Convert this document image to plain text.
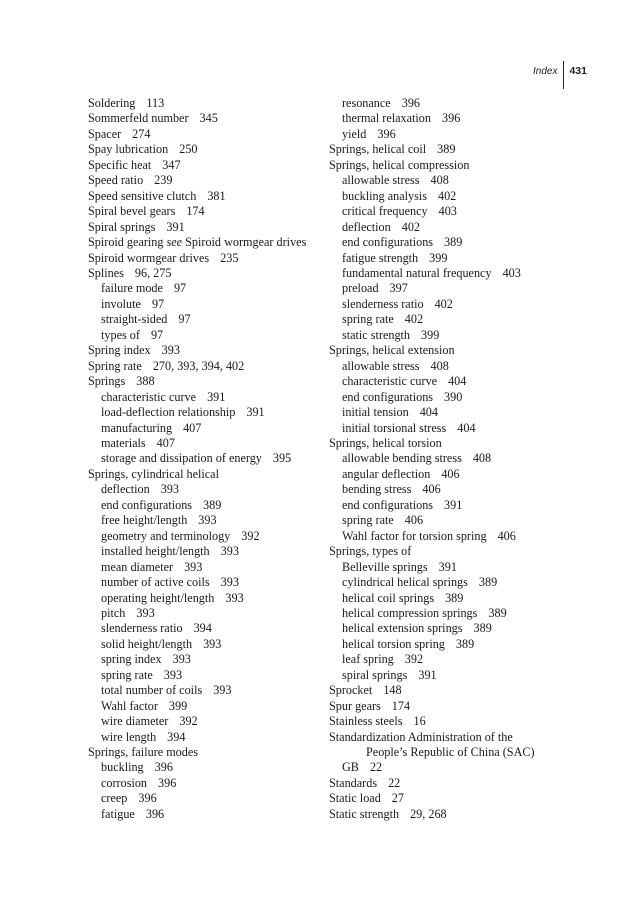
Index 431
Soldering 113
Sommerfeld number 345
Spacer 274
Spay lubrication 250
Specific heat 347
Speed ratio 239
Speed sensitive clutch 381
Spiral bevel gears 174
Spiral springs 391
Spiroid gearing see Spiroid wormgear drives
Spiroid wormgear drives 235
Splines 96, 275
failure mode 97
involute 97
straight-sided 97
types of 97
Spring index 393
Spring rate 270, 393, 394, 402
Springs 388
characteristic curve 391
load-deflection relationship 391
manufacturing 407
materials 407
storage and dissipation of energy 395
Springs, cylindrical helical
deflection 393
end configurations 389
free height/length 393
geometry and terminology 392
installed height/length 393
mean diameter 393
number of active coils 393
operating height/length 393
pitch 393
slenderness ratio 394
solid height/length 393
spring index 393
spring rate 393
total number of coils 393
Wahl factor 399
wire diameter 392
wire length 394
Springs, failure modes
buckling 396
corrosion 396
creep 396
fatigue 396
resonance 396
thermal relaxation 396
yield 396
Springs, helical coil 389
Springs, helical compression
allowable stress 408
buckling analysis 402
critical frequency 403
deflection 402
end configurations 389
fatigue strength 399
fundamental natural frequency 403
preload 397
slenderness ratio 402
spring rate 402
static strength 399
Springs, helical extension
allowable stress 408
characteristic curve 404
end configurations 390
initial tension 404
initial torsional stress 404
Springs, helical torsion
allowable bending stress 408
angular deflection 406
bending stress 406
end configurations 391
spring rate 406
Wahl factor for torsion spring 406
Springs, types of
Belleville springs 391
cylindrical helical springs 389
helical coil springs 389
helical compression springs 389
helical extension springs 389
helical torsion spring 389
leaf spring 392
spiral springs 391
Sprocket 148
Spur gears 174
Stainless steels 16
Standardization Administration of the
People’s Republic of China (SAC)
GB 22
Standards 22
Static load 27
Static strength 29, 268
